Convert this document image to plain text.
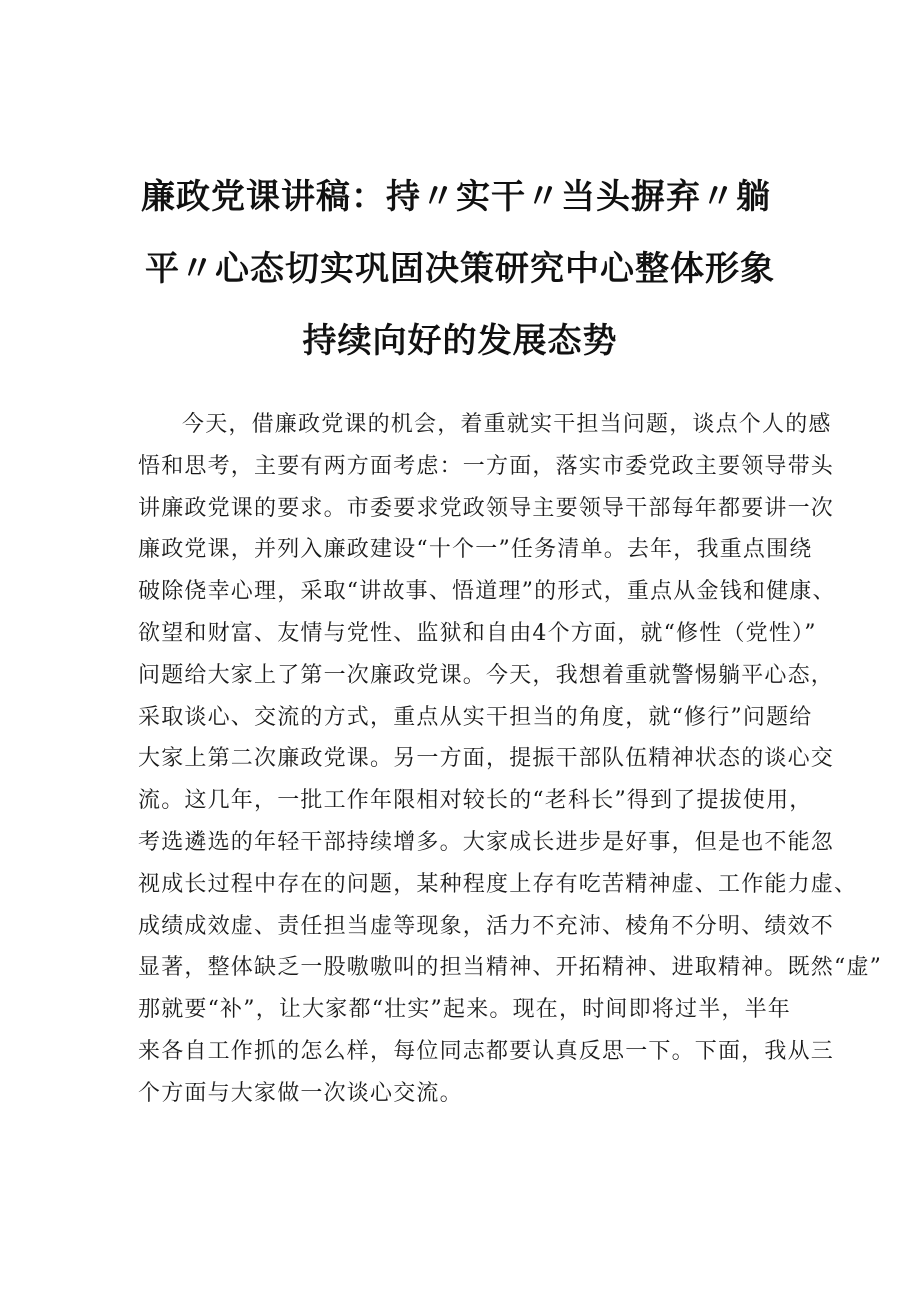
廉政党课讲稿：持〃实干〃当头摒弃〃躺
平〃心态切实巩固决策研究中心整体形象
持续向好的发展态势
今天，借廉政党课的机会，着重就实干担当问题，谈点个人的感
悟和思考，主要有两方面考虑：一方面，落实市委党政主要领导带头
讲廉政党课的要求。市委要求党政领导主要领导干部每年都要讲一次
廉政党课，并列入廉政建设“十个一”任务清单。去年，我重点围绕
破除侥幸心理，采取“讲故事、悟道理”的形式，重点从金钱和健康、
欲望和财富、友情与党性、监狱和自由4个方面，就“修性（党性）”
问题给大家上了第一次廉政党课。今天，我想着重就警惕躺平心态，
采取谈心、交流的方式，重点从实干担当的角度，就“修行”问题给
大家上第二次廉政党课。另一方面，提振干部队伍精神状态的谈心交
流。这几年，一批工作年限相对较长的“老科长”得到了提拔使用，
考选遴选的年轻干部持续增多。大家成长进步是好事，但是也不能忽
视成长过程中存在的问题，某种程度上存有吃苦精神虚、工作能力虚、
成绩成效虚、责任担当虚等现象，活力不充沛、棱角不分明、绩效不
显著，整体缺乏一股嗷嗷叫的担当精神、开拓精神、进取精神。既然“虚”
那就要“补”，让大家都“壮实”起来。现在，时间即将过半，半年
来各自工作抓的怎么样，每位同志都要认真反思一下。下面，我从三
个方面与大家做一次谈心交流。
